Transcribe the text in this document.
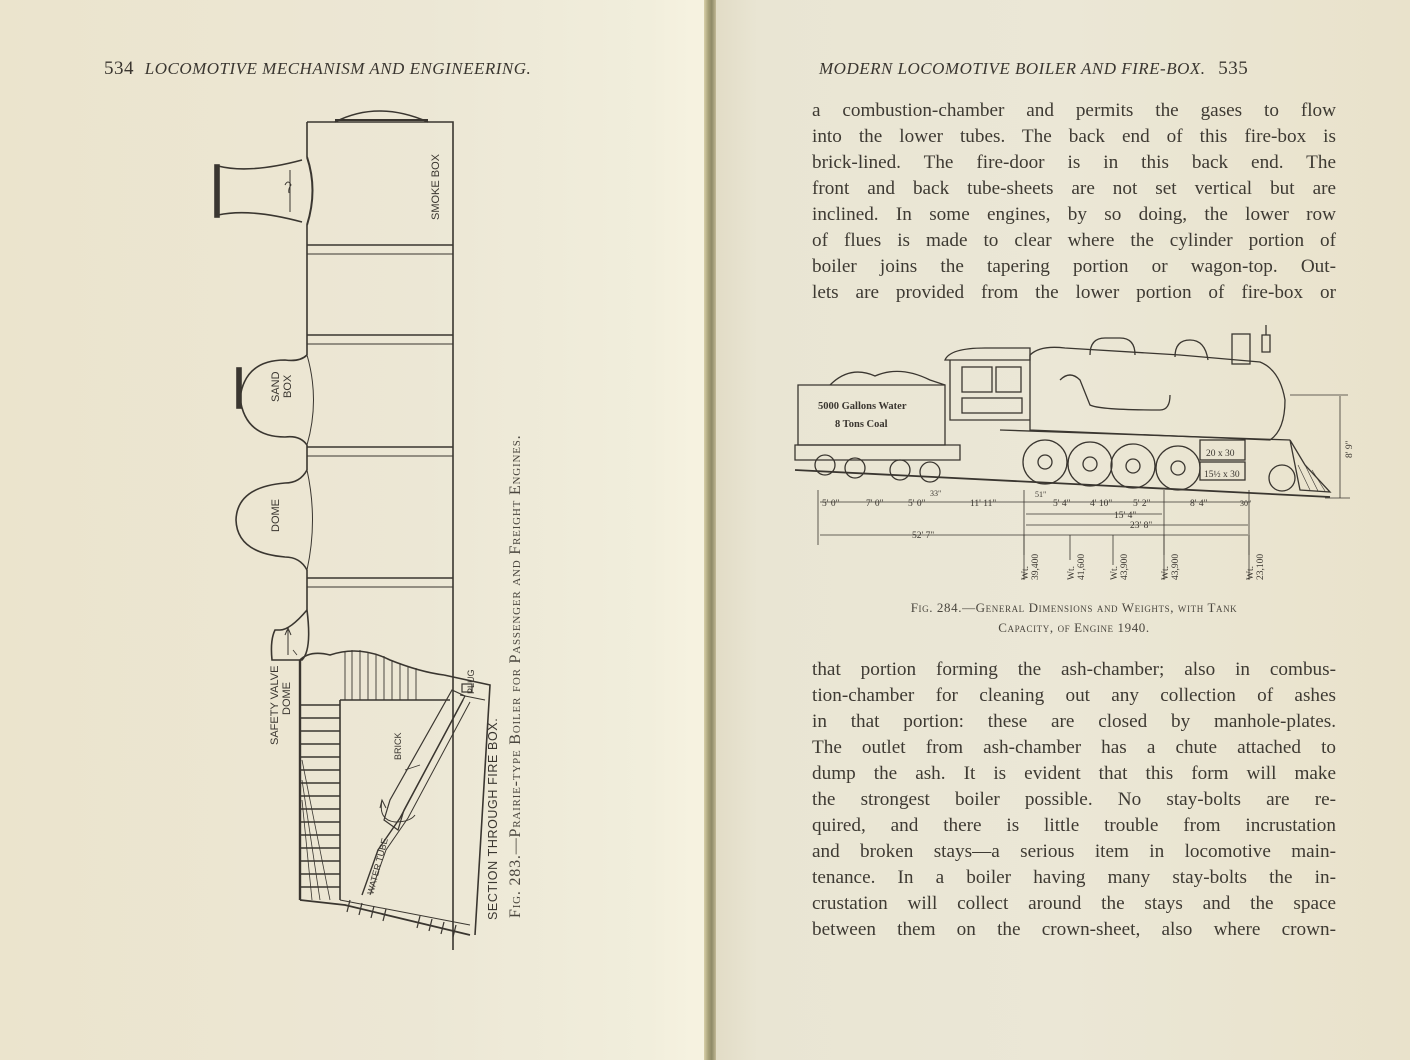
534 LOCOMOTIVE MECHANISM AND ENGINEERING.
SMOKE BOX
SAND BOX
DOME
SAFETY VALVE DOME
PLUG
BRICK
WATER TUBE	SECTION THROUGH FIRE BOX. Fig. 283.—Prairie-type Boiler for Passenger and Freight Engines.
MODERN LOCOMOTIVE BOILER AND FIRE-BOX. 535
a combustion-chamber and permits the gases to flow
into the lower tubes. The back end of this fire-box is
brick-lined. The fire-door is in this back end. The
front and back tube-sheets are not set vertical but are
inclined. In some engines, by so doing, the lower row
of flues is made to clear where the cylinder portion of
boiler joins the tapering portion or wagon-top. Out-
lets are provided from the lower portion of fire-box or
5000 Gallons Water
8 Tons Coal
20 x 30
15½ x 30
8' 9"
5' 0"	7' 0"	5' 0"
33"
11' 11"
51"
5' 4" 4' 10" 5' 2"	8' 4"	30"
15' 4"
23' 8"
52' 7"
Wt. 39,400	Wt. 41,600 Wt. 43,900	Wt. 43,900	Wt. 23,100
Fig. 284.—General Dimensions and Weights, with Tank
Capacity, of Engine 1940.
that portion forming the ash-chamber; also in combus-
tion-chamber for cleaning out any collection of ashes
in that portion: these are closed by manhole-plates.
The outlet from ash-chamber has a chute attached to
dump the ash. It is evident that this form will make
the strongest boiler possible. No stay-bolts are re-
quired, and there is little trouble from incrustation
and broken stays—a serious item in locomotive main-
tenance. In a boiler having many stay-bolts the in-
crustation will collect around the stays and the space
between them on the crown-sheet, also where crown-
